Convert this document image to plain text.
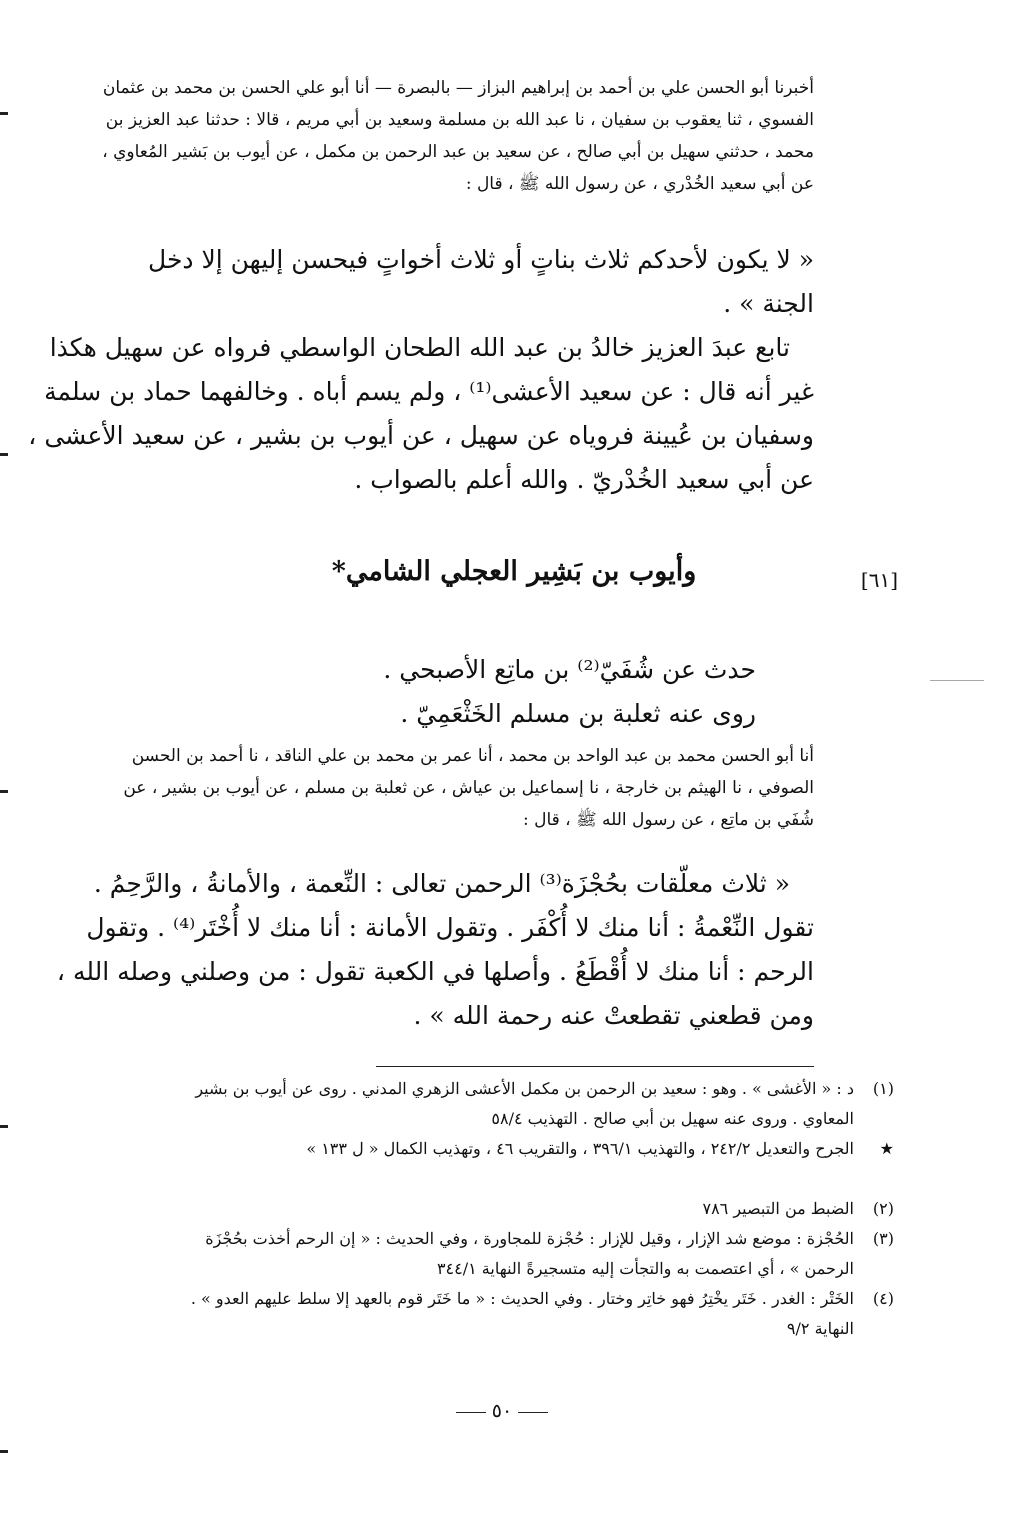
أخبرنا أبو الحسن علي بن أحمد بن إبراهيم البزاز — بالبصرة — أنا أبو علي الحسن بن محمد بن عثمان
الفسوي ، ثنا يعقوب بن سفيان ، نا عبد الله بن مسلمة وسعيد بن أبي مريم ، قالا : حدثنا عبد العزيز بن
محمد ، حدثني سهيل بن أبي صالح ، عن سعيد بن عبد الرحمن بن مكمل ، عن أيوب بن بَشير المُعاوي ،
عن أبي سعيد الخُدْري ، عن رسول الله ﷺ ، قال :
« لا يكون لأحدكم ثلاث بناتٍ أو ثلاث أخواتٍ فيحسن إليهن إلا دخل
الجنة » .
تابع عبدَ العزيز خالدُ بن عبد الله الطحان الواسطي فرواه عن سهيل هكذا
غير أنه قال : عن سعيد الأعشى⁽¹⁾ ، ولم يسم أباه . وخالفهما حماد بن سلمة
وسفيان بن عُيينة فروياه عن سهيل ، عن أيوب بن بشير ، عن سعيد الأعشى ،
عن أبي سعيد الخُدْريّ . والله أعلم بالصواب .
[٦١]
وأيوب بن بَشِير العجلي الشامي*
حدث عن شُفَيّ⁽²⁾ بن ماتِع الأصبحي .
روى عنه ثعلبة بن مسلم الخَثْعَمِيّ .
أنا أبو الحسن محمد بن عبد الواحد بن محمد ، أنا عمر بن محمد بن علي الناقد ، نا أحمد بن الحسن
الصوفي ، نا الهيثم بن خارجة ، نا إسماعيل بن عياش ، عن ثعلبة بن مسلم ، عن أيوب بن بشير ، عن
شُفَي بن ماتِع ، عن رسول الله ﷺ ، قال :
« ثلاث معلّقات بحُجْزَة⁽³⁾ الرحمن تعالى : النِّعمة ، والأمانةُ ، والرَّحِمُ .
تقول النِّعْمةُ : أنا منك لا أُكْفَر . وتقول الأمانة : أنا منك لا أُخْتَر⁽⁴⁾ . وتقول
الرحم : أنا منك لا أُقْطَعُ . وأصلها في الكعبة تقول : من وصلني وصله الله ،
ومن قطعني تقطعتْ عنه رحمة الله » .
(١)
د : « الأغشى » . وهو : سعيد بن الرحمن بن مكمل الأعشى الزهري المدني . روى عن أيوب بن بشير
المعاوي . وروى عنه سهيل بن أبي صالح . التهذيب ٥٨/٤
★
الجرح والتعديل ٢٤٢/٢ ، والتهذيب ٣٩٦/١ ، والتقريب ٤٦ ، وتهذيب الكمال « ل ١٣٣ »
(٢)
الضبط من التبصير ٧٨٦
(٣)
الحُجْزة : موضع شد الإزار ، وقيل للإزار : حُجْزة للمجاورة ، وفي الحديث : « إن الرحم أخذت بحُجْزَة
الرحمن » ، أي اعتصمت به والتجأت إليه متسجيرةً النهاية ٣٤٤/١
(٤)
الخَتْر : الغدر . خَتَر يخْتِرُ فهو خاتِر وختار . وفي الحديث : « ما خَتَر قوم بالعهد إلا سلط عليهم العدو » .
النهاية ٩/٢
٥٠
